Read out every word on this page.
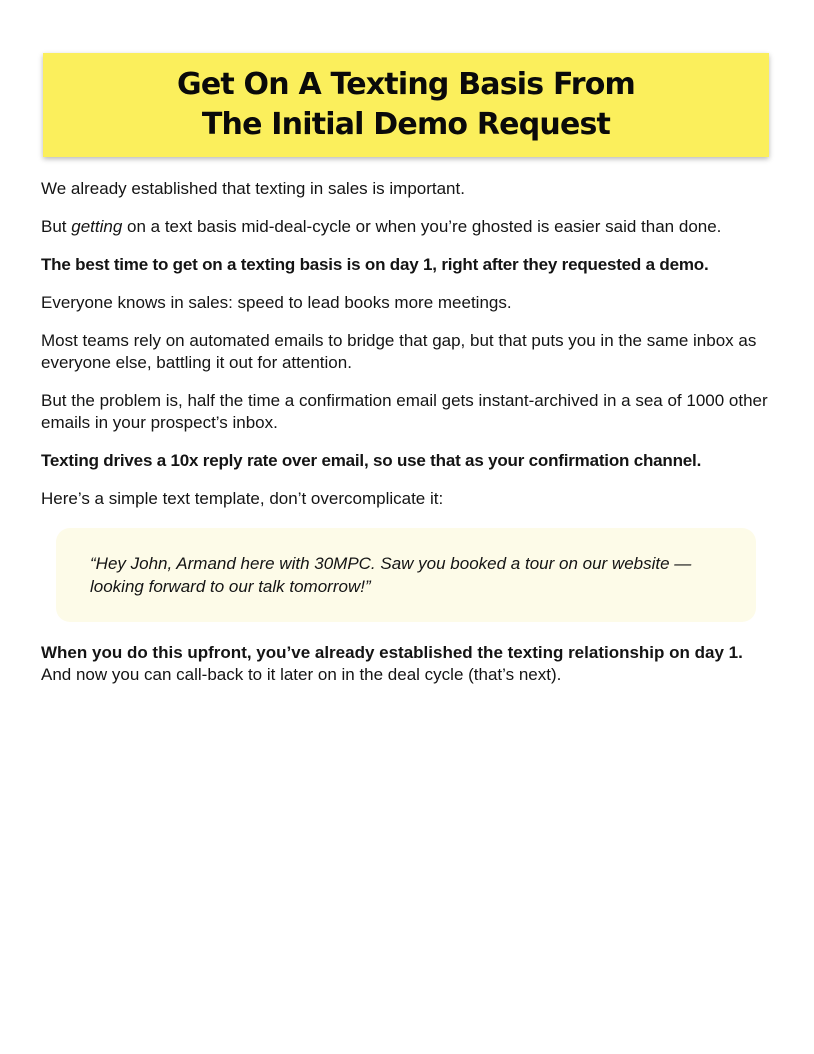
Get On A Texting Basis From
The Initial Demo Request

We already established that texting in sales is important.

But getting on a text basis mid-deal-cycle or when you’re ghosted is easier said than done.

The best time to get on a texting basis is on day 1, right after they requested a demo.

Everyone knows in sales: speed to lead books more meetings.

Most teams rely on automated emails to bridge that gap, but that puts you in the same inbox as everyone else, battling it out for attention.

But the problem is, half the time a confirmation email gets instant-archived in a sea of 1000 other emails in your prospect’s inbox.

Texting drives a 10x reply rate over email, so use that as your confirmation channel.

Here’s a simple text template, don’t overcomplicate it:

“Hey John, Armand here with 30MPC. Saw you booked a tour on our website —looking forward to our talk tomorrow!”

When you do this upfront, you’ve already established the texting relationship on day 1. And now you can call-back to it later on in the deal cycle (that’s next).
